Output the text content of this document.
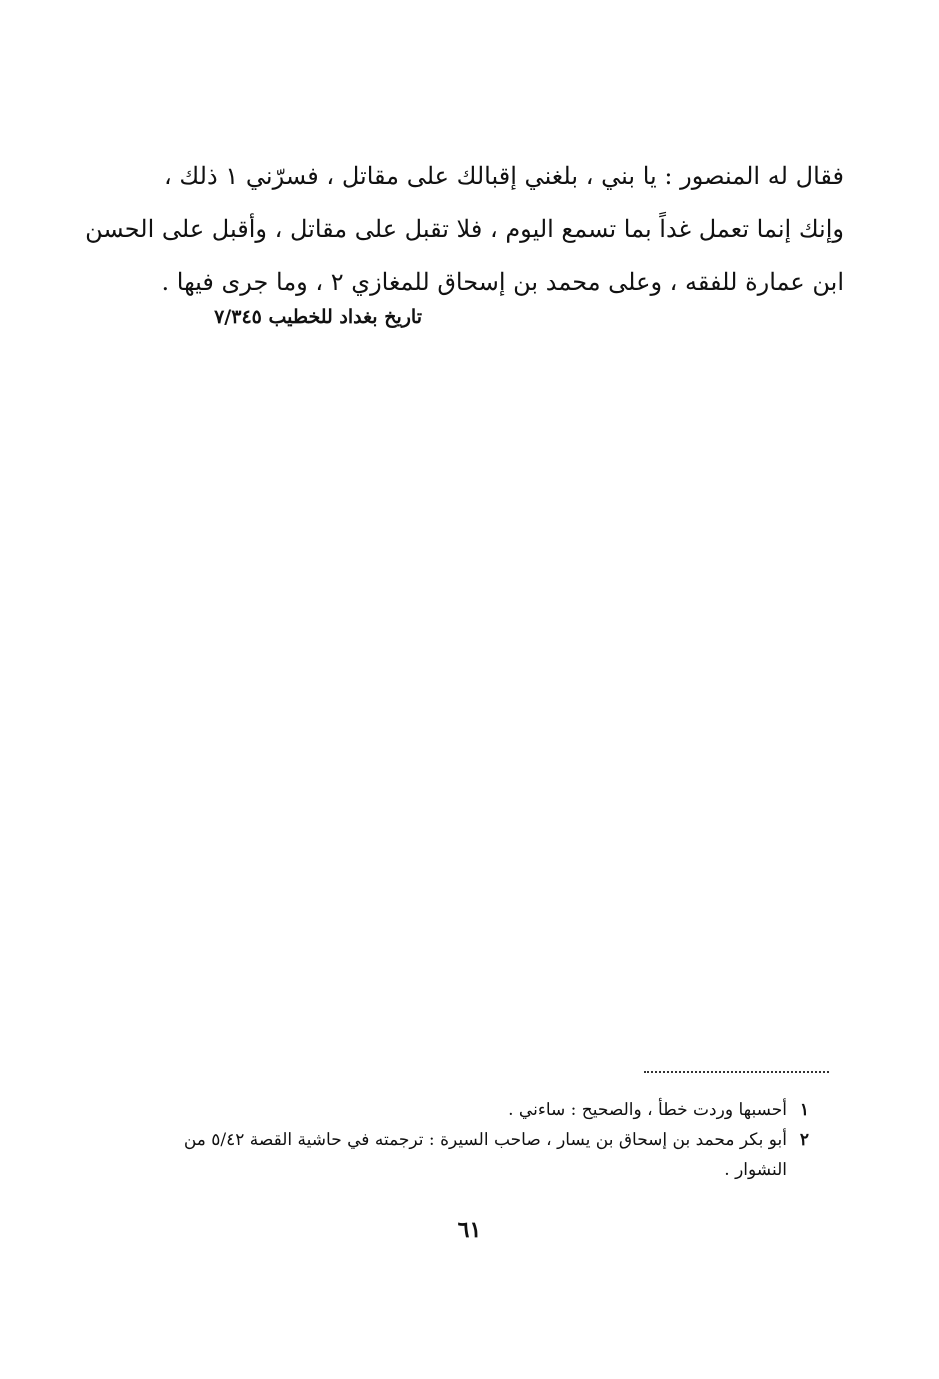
فقال له المنصور : يا بني ، بلغني إقبالك على مقاتل ، فسرّني ١ ذلك ،
وإنك إنما تعمل غداً بما تسمع اليوم ، فلا تقبل على مقاتل ، وأقبل على الحسن
ابن عمارة للفقه ، وعلى محمد بن إسحاق للمغازي ٢ ، وما جرى فيها .
تاريخ بغداد للخطيب ٧/٣٤٥
١
أحسبها وردت خطأ ، والصحيح : ساءني .
٢
أبو بكر محمد بن إسحاق بن يسار ، صاحب السيرة : ترجمته في حاشية القصة ٥/٤٢ من النشوار .
٦١
